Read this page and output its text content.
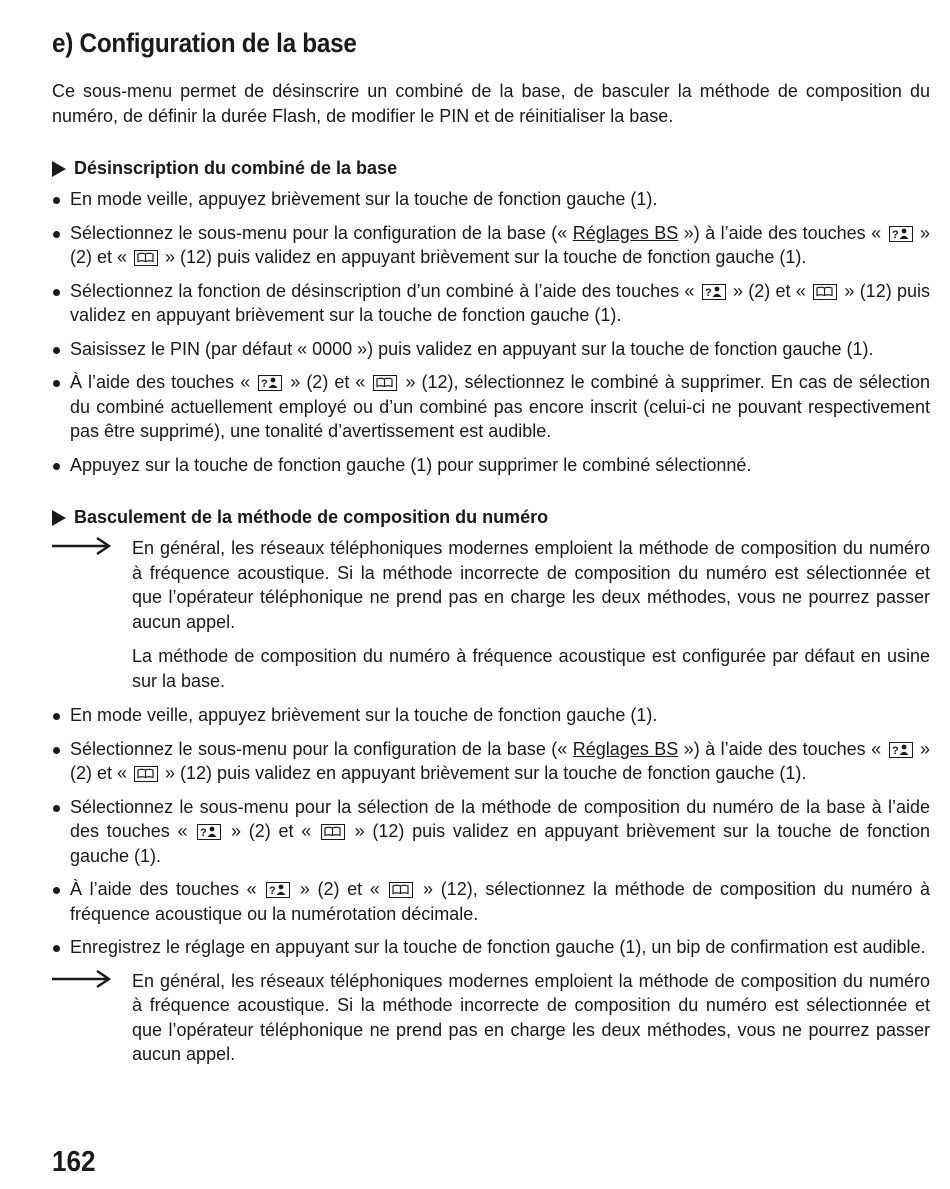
e) Configuration de la base

Ce sous-menu permet de désinscrire un combiné de la base, de basculer la méthode de composition du numéro, de définir la durée Flash, de modifier le PIN et de réinitialiser la base.

Désinscription du combiné de la base
En mode veille, appuyez brièvement sur la touche de fonction gauche (1).
Sélectionnez le sous-menu pour la configuration de la base (« Réglages BS ») à l’aide des touches « ? » (2) et «
» (12) puis validez en appuyant brièvement sur la touche de fonction gauche (1).
Sélectionnez la fonction de désinscription d’un combiné à l’aide des touches « ? » (2) et «
» (12) puis validez en appuyant brièvement sur la touche de fonction gauche (1).
Saisissez le PIN (par défaut « 0000 ») puis validez en appuyant sur la touche de fonction gauche (1).
À l’aide des touches « ? » (2) et «
» (12), sélectionnez le combiné à supprimer. En cas de sélection du combiné actuellement employé ou d’un combiné pas encore inscrit (celui-ci ne pouvant respectivement pas être supprimé), une tonalité d’avertissement est audible.
Appuyez sur la touche de fonction gauche (1) pour supprimer le combiné sélectionné.
Basculement de la méthode de composition du numéro

En général, les réseaux téléphoniques modernes emploient la méthode de composition du numéro à fréquence acoustique. Si la méthode incorrecte de composition du numéro est sélectionnée et que l’opérateur téléphonique ne prend pas en charge les deux méthodes, vous ne pourrez passer aucun appel.

La méthode de composition du numéro à fréquence acoustique est configurée par défaut en usine sur la base.

En mode veille, appuyez brièvement sur la touche de fonction gauche (1).
Sélectionnez le sous-menu pour la configuration de la base (« Réglages BS ») à l’aide des touches « ? » (2) et «
» (12) puis validez en appuyant brièvement sur la touche de fonction gauche (1).
Sélectionnez le sous-menu pour la sélection de la méthode de composition du numéro de la base à l’aide des touches « ? » (2) et «
» (12) puis validez en appuyant brièvement sur la touche de fonction gauche (1).
À l’aide des touches « ? » (2) et «
» (12), sélectionnez la méthode de composition du numéro à fréquence acoustique ou la numérotation décimale.
Enregistrez le réglage en appuyant sur la touche de fonction gauche (1), un bip de confirmation est audible.

En général, les réseaux téléphoniques modernes emploient la méthode de composition du numéro à fréquence acoustique. Si la méthode incorrecte de composition du numéro est sélectionnée et que l’opérateur téléphonique ne prend pas en charge les deux méthodes, vous ne pourrez passer aucun appel.

162
